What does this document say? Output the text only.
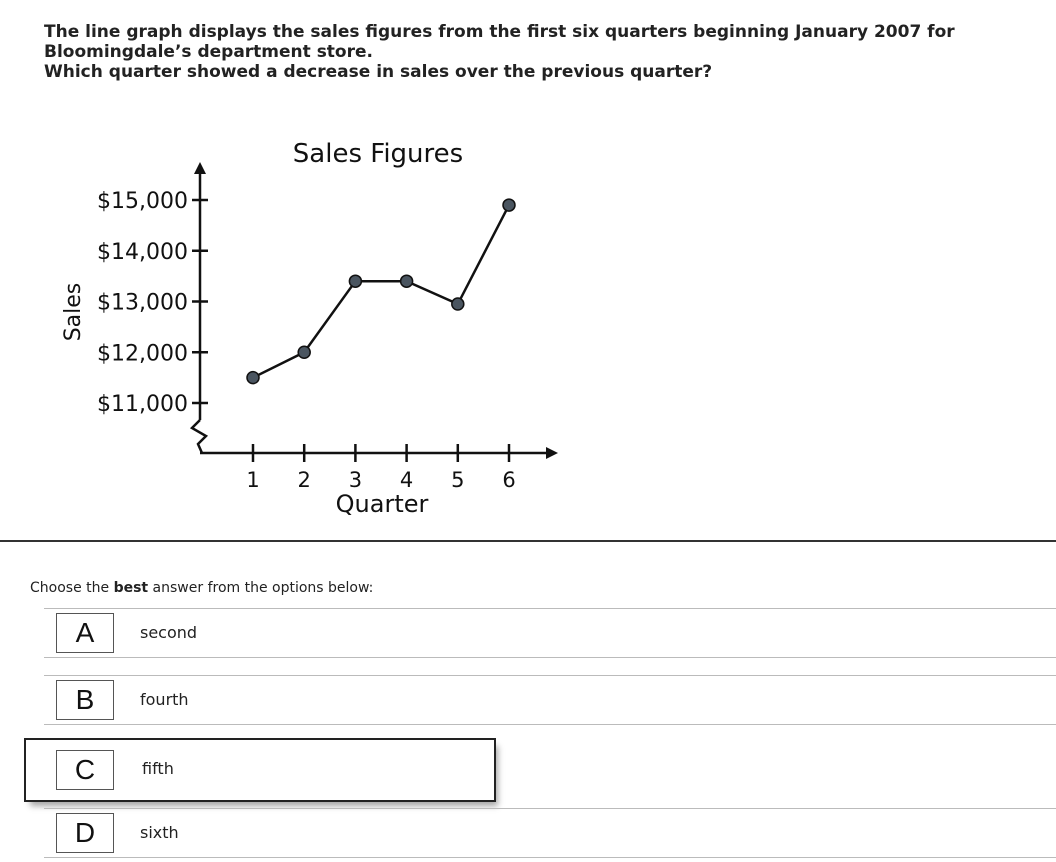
The line graph displays the sales figures from the first six quarters beginning January 2007 for

Bloomingdale’s department store.

Which quarter showed a decrease in sales over the previous quarter?

Sales Figures
$11,000
$12,000
$13,000
$14,000
$15,000
Sales
1 2 3 4 5 6
Quarter
Choose the best answer from the options below:
A	second
B	fourth
C	fifth
D	sixth
